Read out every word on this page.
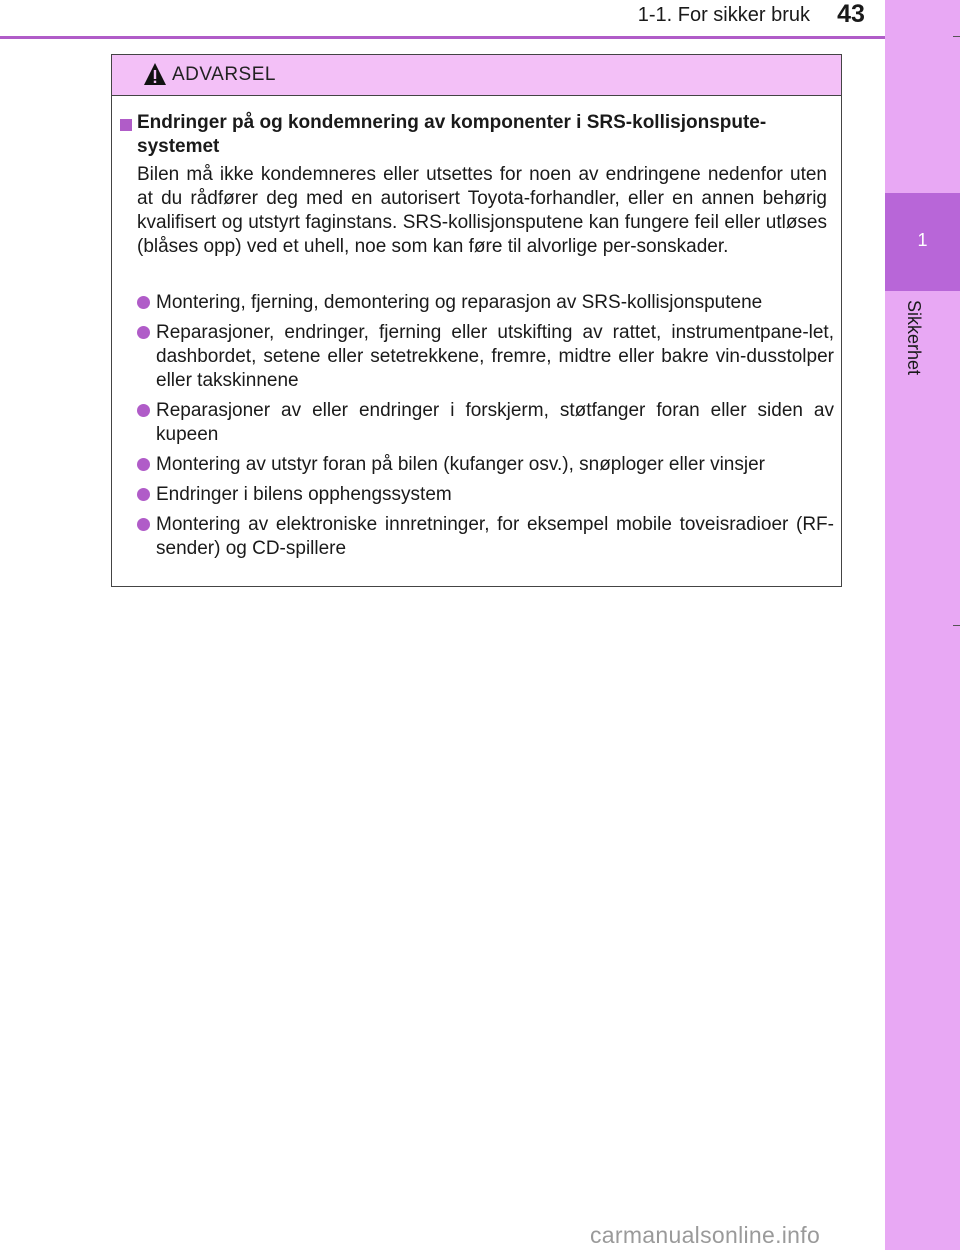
1-1. For sikker bruk	43
1
Sikkerhet
ADVARSEL
Endringer på og kondemnering av komponenter i SRS-kollisjonspute-systemet
Bilen må ikke kondemneres eller utsettes for noen av endringene nedenfor uten at du rådfører deg med en autorisert Toyota-forhandler, eller en annen behørig kvalifisert og utstyrt faginstans. SRS-kollisjonsputene kan fungere feil eller utløses (blåses opp) ved et uhell, noe som kan føre til alvorlige per-sonskader.
Montering, fjerning, demontering og reparasjon av SRS-kollisjonsputene
Reparasjoner, endringer, fjerning eller utskifting av rattet, instrumentpane-let, dashbordet, setene eller setetrekkene, fremre, midtre eller bakre vin-dusstolper eller takskinnene
Reparasjoner av eller endringer i forskjerm, støtfanger foran eller siden av kupeen
Montering av utstyr foran på bilen (kufanger osv.), snøploger eller vinsjer
Endringer i bilens opphengssystem
Montering av elektroniske innretninger, for eksempel mobile toveisradioer (RF-sender) og CD-spillere
carmanualsonline.info
